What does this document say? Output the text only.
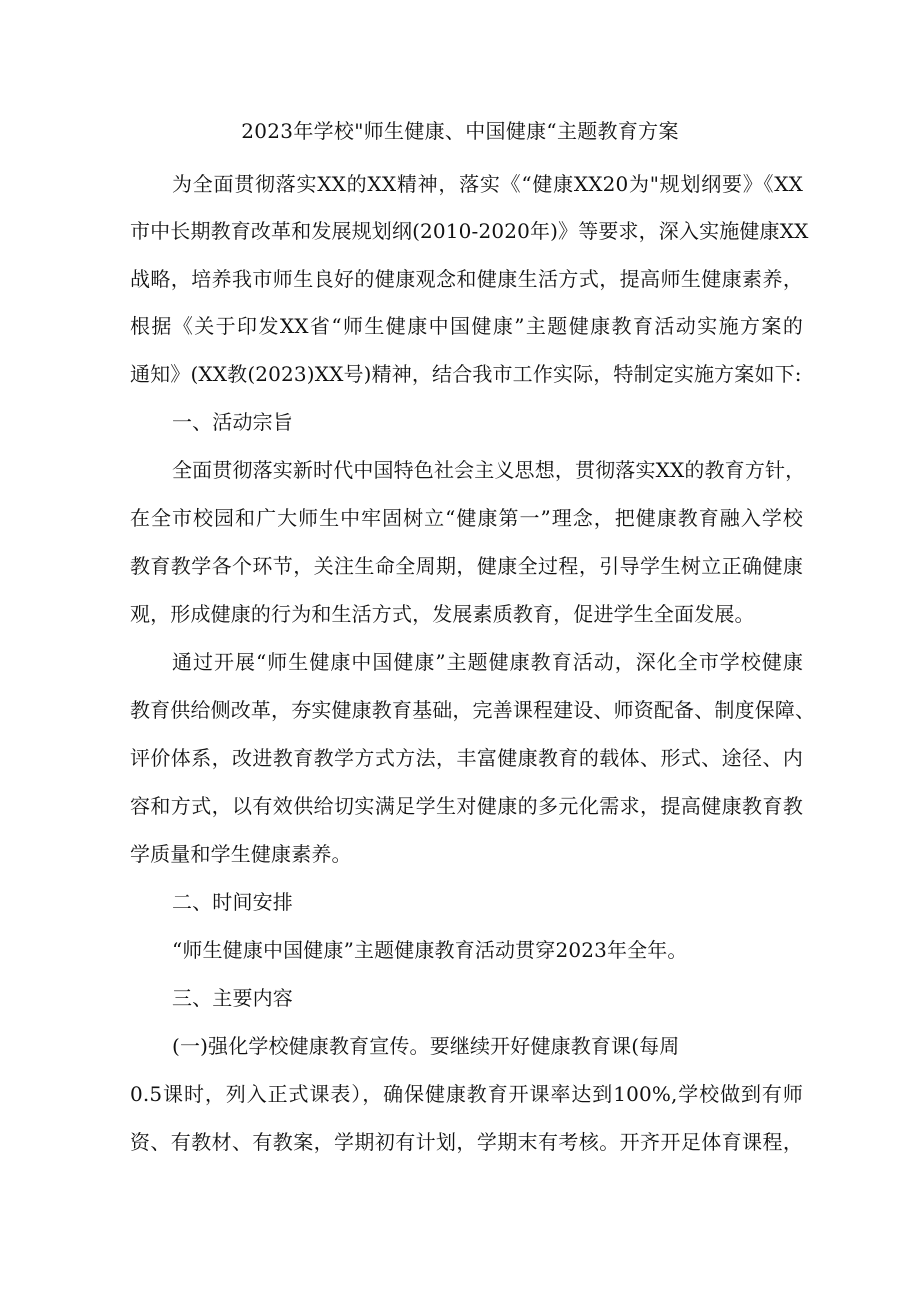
2023年学校"师生健康、中国健康“主题教育方案
为全面贯彻落实XX的XX精神，落实《“健康XX20为"规划纲要》《XX
市中长期教育改革和发展规划纲(2010-2020年)》等要求，深入实施健康XX
战略，培养我市师生良好的健康观念和健康生活方式，提高师生健康素养，
根据《关于印发XX省“师生健康中国健康”主题健康教育活动实施方案的
通知》(XX教(2023)XX号)精神，结合我市工作实际，特制定实施方案如下:
一、活动宗旨
全面贯彻落实新时代中国特色社会主义思想，贯彻落实XX的教育方针，
在全市校园和广大师生中牢固树立“健康第一”理念，把健康教育融入学校
教育教学各个环节，关注生命全周期，健康全过程，引导学生树立正确健康
观，形成健康的行为和生活方式，发展素质教育，促进学生全面发展。
通过开展“师生健康中国健康”主题健康教育活动，深化全市学校健康
教育供给侧改革，夯实健康教育基础，完善课程建设、师资配备、制度保障、
评价体系，改进教育教学方式方法，丰富健康教育的载体、形式、途径、内
容和方式，以有效供给切实满足学生对健康的多元化需求，提高健康教育教
学质量和学生健康素养。
二、时间安排
“师生健康中国健康”主题健康教育活动贯穿2023年全年。
三、主要内容
(一)强化学校健康教育宣传。要继续开好健康教育课(每周
0.5课时，列入正式课表），确保健康教育开课率达到100%,学校做到有师
资、有教材、有教案，学期初有计划，学期末有考核。开齐开足体育课程，
